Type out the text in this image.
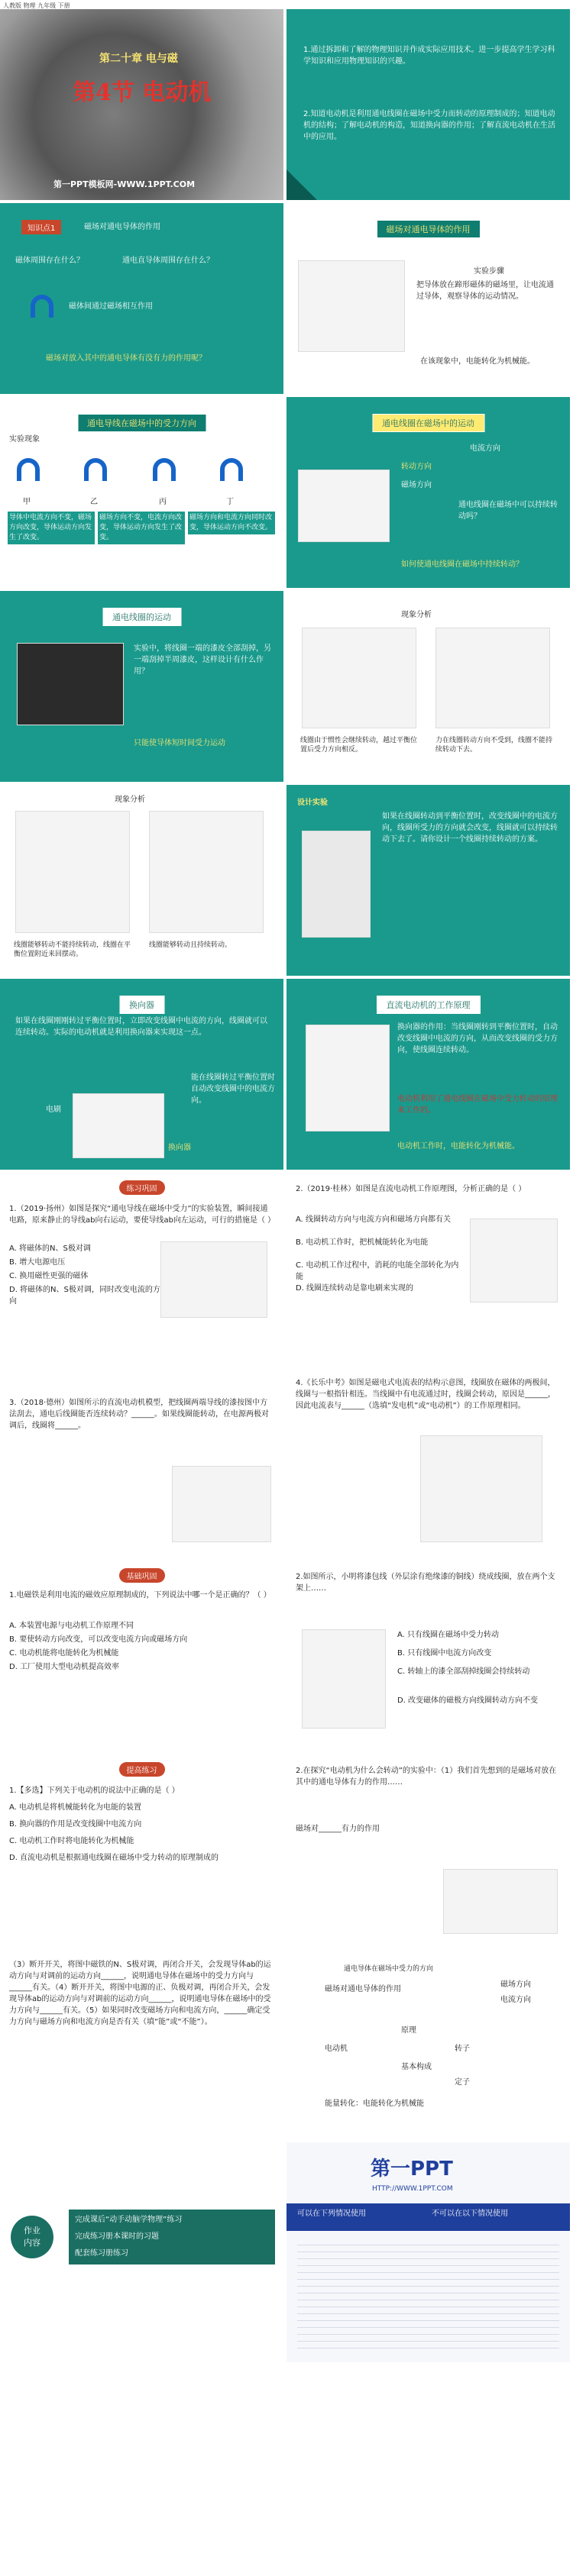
人教版 物理 九年级 下册
第二十章 电与磁
第4节 电动机
第一PPT模板网-WWW.1PPT.COM
1.通过拆卸和了解的物理知识并作成实际应用技术。进一步提高学生学习科学知识和应用物理知识的兴趣。
2.知道电动机是利用通电线圈在磁场中受力而转动的原理制成的；知道电动机的结构；了解电动机的构造，知道换向器的作用；了解直流电动机在生活中的应用。
知识点1	磁场对通电导体的作用
磁体周围存在什么？	通电直导体周围存在什么？
磁体间通过磁场相互作用
磁场对放入其中的通电导体有没有力的作用呢？
磁场对通电导体的作用
实验步骤
把导体放在蹄形磁体的磁场里，让电流通过导体，观察导体的运动情况。
在该现象中，电能转化为机械能。
通电导线在磁场中的受力方向
实验现象
甲	乙	丙	丁
导体中电流方向不变，磁场方向改变，导体运动方向发生了改变。
磁场方向不变，电流方向改变，导体运动方向发生了改变。
磁场方向和电流方向同时改变，导体运动方向不改变。
通电线圈在磁场中的运动
电流方向
转动方向
磁场方向
通电线圈在磁场中可以持续转动吗？
如何使通电线圈在磁场中持续转动？
通电线圈的运动
实验中，将线圈一端的漆皮全部刮掉，另一端刮掉半周漆皮，这样设计有什么作用？
只能使导体短时间受力运动
现象分析
线圈由于惯性会继续转动，越过平衡位置后受力方向相反。
力在线圈转动方向不受到，线圈不能持续转动下去。
现象分析
线圈能够转动不能持续转动，线圈在平衡位置附近来回摆动。
线圈能够转动且持续转动。
设计实验
如果在线圈转动到平衡位置时，改变线圈中的电流方向，线圈所受力的方向就会改变，线圈就可以持续转动下去了。请你设计一个线圈持续转动的方案。
换向器
如果在线圈刚刚转过平衡位置时，立即改变线圈中电流的方向，线圈就可以连续转动。实际的电动机就是利用换向器来实现这一点。
电刷
换向器
能在线圈转过平衡位置时自动改变线圈中的电流方向。
直流电动机的工作原理
换向器的作用：当线圈刚转到平衡位置时，自动改变线圈中电流的方向，从而改变线圈的受力方向，使线圈连续转动。
电动机利用了通电线圈在磁场中受力转动的原理来工作的。
电动机工作时，电能转化为机械能。
练习巩固
1.（2019·扬州）如图是探究“通电导线在磁场中受力”的实验装置，瞬间接通电路，原来静止的导线ab向右运动，要使导线ab向左运动，可行的措施是（ ）
A. 将磁体的N、S极对调
B. 增大电源电压
C. 换用磁性更强的磁体
D. 将磁体的N、S极对调，同时改变电流的方向
2.（2019·桂林）如图是直流电动机工作原理图，分析正确的是（ ）
A. 线圈转动方向与电流方向和磁场方向都有关
B. 电动机工作时，把机械能转化为电能
C. 电动机工作过程中，消耗的电能全部转化为内能
D. 线圈连续转动是靠电刷来实现的
3.（2018·德州）如图所示的直流电动机模型，把线圈两端导线的漆按图中方法刮去，通电后线圈能否连续转动？______。如果线圈能转动，在电源两极对调后，线圈将______。
4.《长乐中考》如图是磁电式电流表的结构示意图，线圈放在磁体的两极间，线圈与一根指针相连。当线圈中有电流通过时，线圈会转动，原因是______，因此电流表与______（选填“发电机”或“电动机”）的工作原理相同。
基础巩固
1.电磁铁是利用电流的磁效应原理制成的，下列说法中哪一个是正确的？（ ）
A. 本装置电源与电动机工作原理不同
B. 要使转动方向改变，可以改变电流方向或磁场方向
C. 电动机能将电能转化为机械能
D. 工厂使用大型电动机提高效率
2.如图所示，小明将漆包线（外层涂有绝缘漆的铜线）绕成线圈，放在两个支架上……
A. 只有线圈在磁场中受力转动
B. 只有线圈中电流方向改变
C. 转轴上的漆全部刮掉线圈会持续转动
D. 改变磁体的磁极方向线圈转动方向不变
提高练习
1.【多选】下列关于电动机的说法中正确的是（ ）
A. 电动机是将机械能转化为电能的装置
B. 换向器的作用是改变线圈中电流方向
C. 电动机工作时将电能转化为机械能
D. 直流电动机是根据通电线圈在磁场中受力转动的原理制成的
2.在探究“电动机为什么会转动”的实验中：（1）我们首先想到的是磁场对放在其中的通电导体有力的作用……
磁场对______有力的作用
（3）断开开关，将图中磁铁的N、S极对调，再闭合开关，会发现导体ab的运动方向与对调前的运动方向______，说明通电导体在磁场中的受力方向与______有关。（4）断开开关，将图中电源的正、负极对调，再闭合开关，会发现导体ab的运动方向与对调前的运动方向______，说明通电导体在磁场中的受力方向与______有关。（5）如果同时改变磁场方向和电流方向，______确定受力方向与磁场方向和电流方向是否有关（填“能”或“不能”）。
通电导体在磁场中受力的方向
磁场对通电导体的作用
磁场方向
电流方向
原理
电动机	转子
基本构成
定子
能量转化：电能转化为机械能
作业
内容
完成课后“动手动脑学物理”练习
完成练习册本课时的习题
配套练习册练习
第一PPT
HTTP://WWW.1PPT.COM
可以在下列情况使用	不可以在以下情况使用
